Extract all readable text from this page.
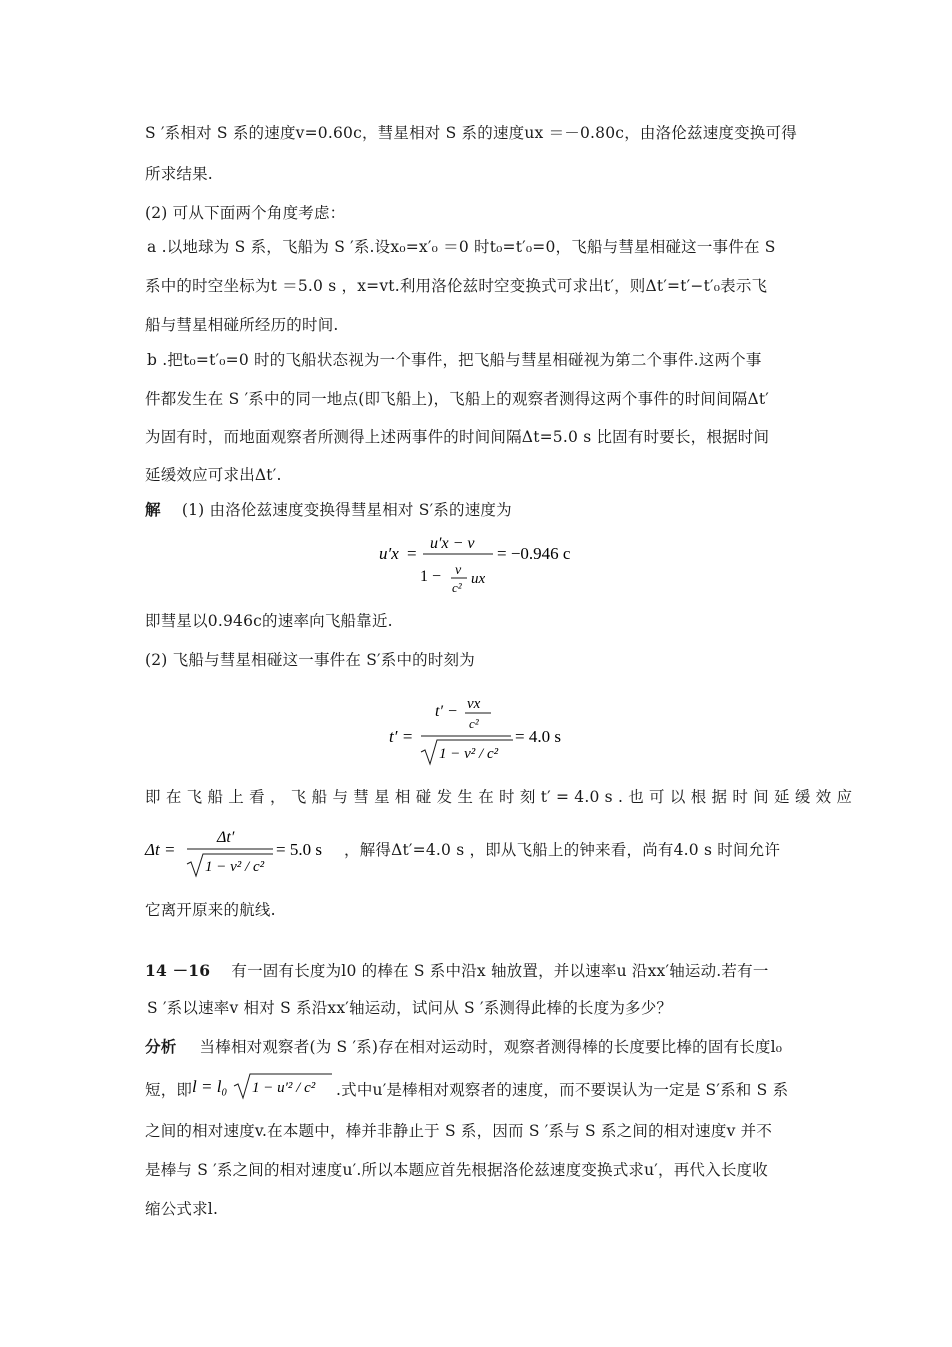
S ′系相对 S 系的速度v=0.60c，彗星相对 S 系的速度ux ＝－0.80c，由洛伦兹速度变换可得
所求结果.
(2) 可从下面两个角度考虑：
a .以地球为 S 系，飞船为 S ′系.设x₀=x′₀ ＝0 时t₀=t′₀=0，飞船与彗星相碰这一事件在 S
系中的时空坐标为t ＝5.0 s ，x=vt.利用洛伦兹时空变换式可求出t′，则Δt′=t′−t′₀表示飞
船与彗星相碰所经历的时间.
b .把t₀=t′₀=0 时的飞船状态视为一个事件，把飞船与彗星相碰视为第二个事件.这两个事
件都发生在 S ′系中的同一地点(即飞船上)，飞船上的观察者测得这两个事件的时间间隔Δt′
为固有时，而地面观察者所测得上述两事件的时间间隔Δt=5.0 s 比固有时要长，根据时间
延缓效应可求出Δt′.
解 (1) 由洛伦兹速度变换得彗星相对 S′系的速度为
u′x =
u′x − v
1 − v
c²
ux
= −0.946 c
即彗星以0.946c的速率向飞船靠近.
(2) 飞船与彗星相碰这一事件在 S′系中的时刻为
t′ =
t′ − vx
c²
1 − v² / c²
= 4.0 s
即 在 飞 船 上 看 ， 飞 船 与 彗 星 相 碰 发 生 在 时 刻 t′ = 4.0 s . 也 可 以 根 据 时 间 延 缓 效 应
Δt =
Δt′
1 − v² / c²
= 5.0 s ，解得Δt′=4.0 s ，即从飞船上的钟来看，尚有4.0 s 时间允许
它离开原来的航线.
14 －16 有一固有长度为l0 的棒在 S 系中沿x 轴放置，并以速率u 沿xx′轴运动.若有一
S ′系以速率v 相对 S 系沿xx′轴运动，试问从 S ′系测得此棒的长度为多少？
分析 当棒相对观察者(为 S ′系)存在相对运动时，观察者测得棒的长度要比棒的固有长度l₀
短，即 l = l₀ 1 − u′² / c² .式中u′是棒相对观察者的速度，而不要误认为一定是 S′系和 S 系
之间的相对速度v.在本题中，棒并非静止于 S 系，因而 S ′系与 S 系之间的相对速度v 并不
是棒与 S ′系之间的相对速度u′.所以本题应首先根据洛伦兹速度变换式求u′，再代入长度收
缩公式求l.
